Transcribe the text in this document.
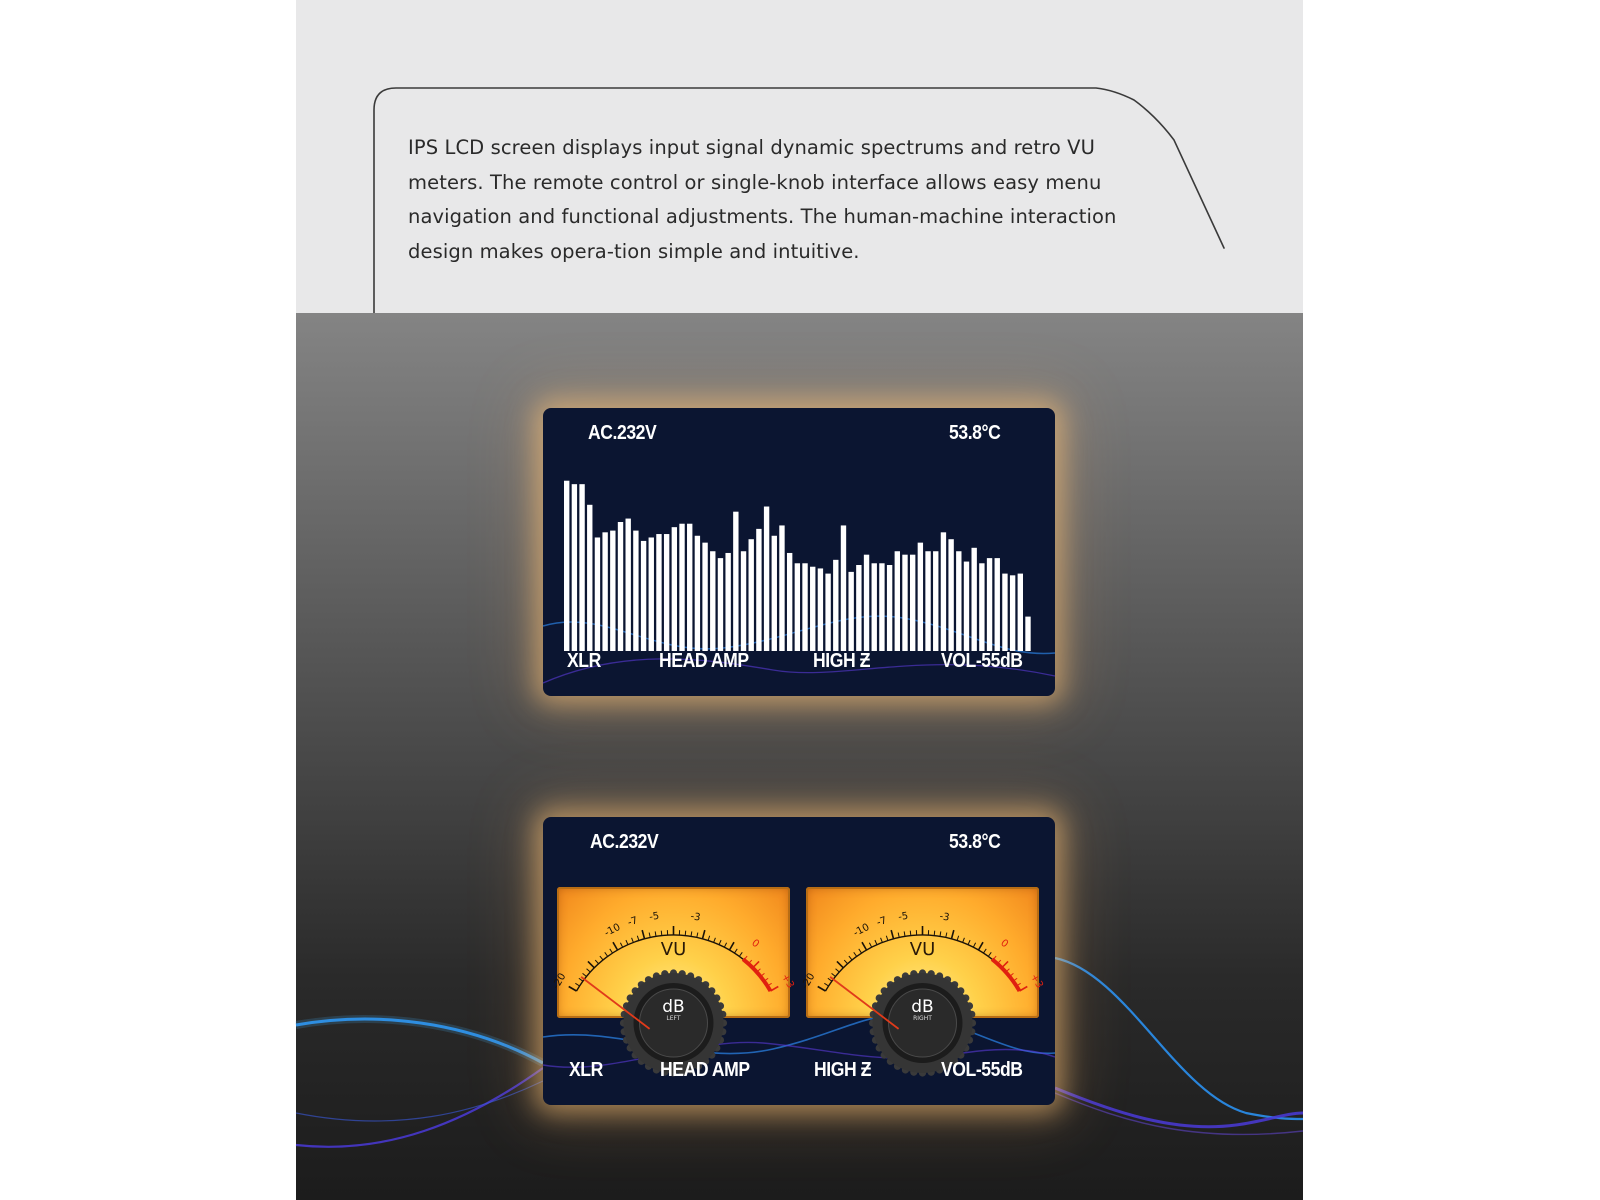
IPS LCD screen displays input signal dynamic spectrums and retro VU meters. The remote control or single-knob interface allows easy menu navigation and functional adjustments. The human-machine interaction design makes opera-tion simple and intuitive.

AC.232V	53.8°C
XLR	HEAD AMP	HIGH Ƶ	VOL-55dB
AC.232V	53.8°C
-20
-10 -7 -5	-3
0
+3
VU
dB
LEFT
-20
-10 -7 -5	-3
0
+3
VU
dB
RIGHT
XLR	HEAD AMP	HIGH Ƶ	VOL-55dB
